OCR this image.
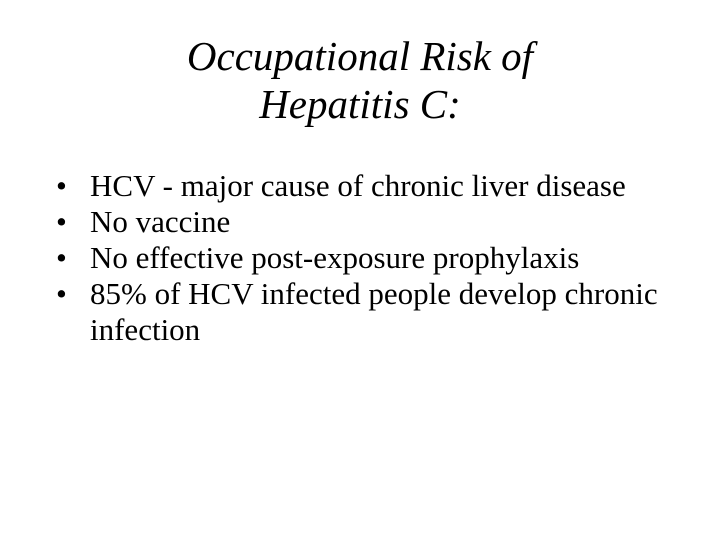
Occupational Risk of
Hepatitis C:
• HCV - major cause of chronic liver disease
• No vaccine
• No effective post-exposure prophylaxis
• 85% of HCV infected people develop chronic infection
